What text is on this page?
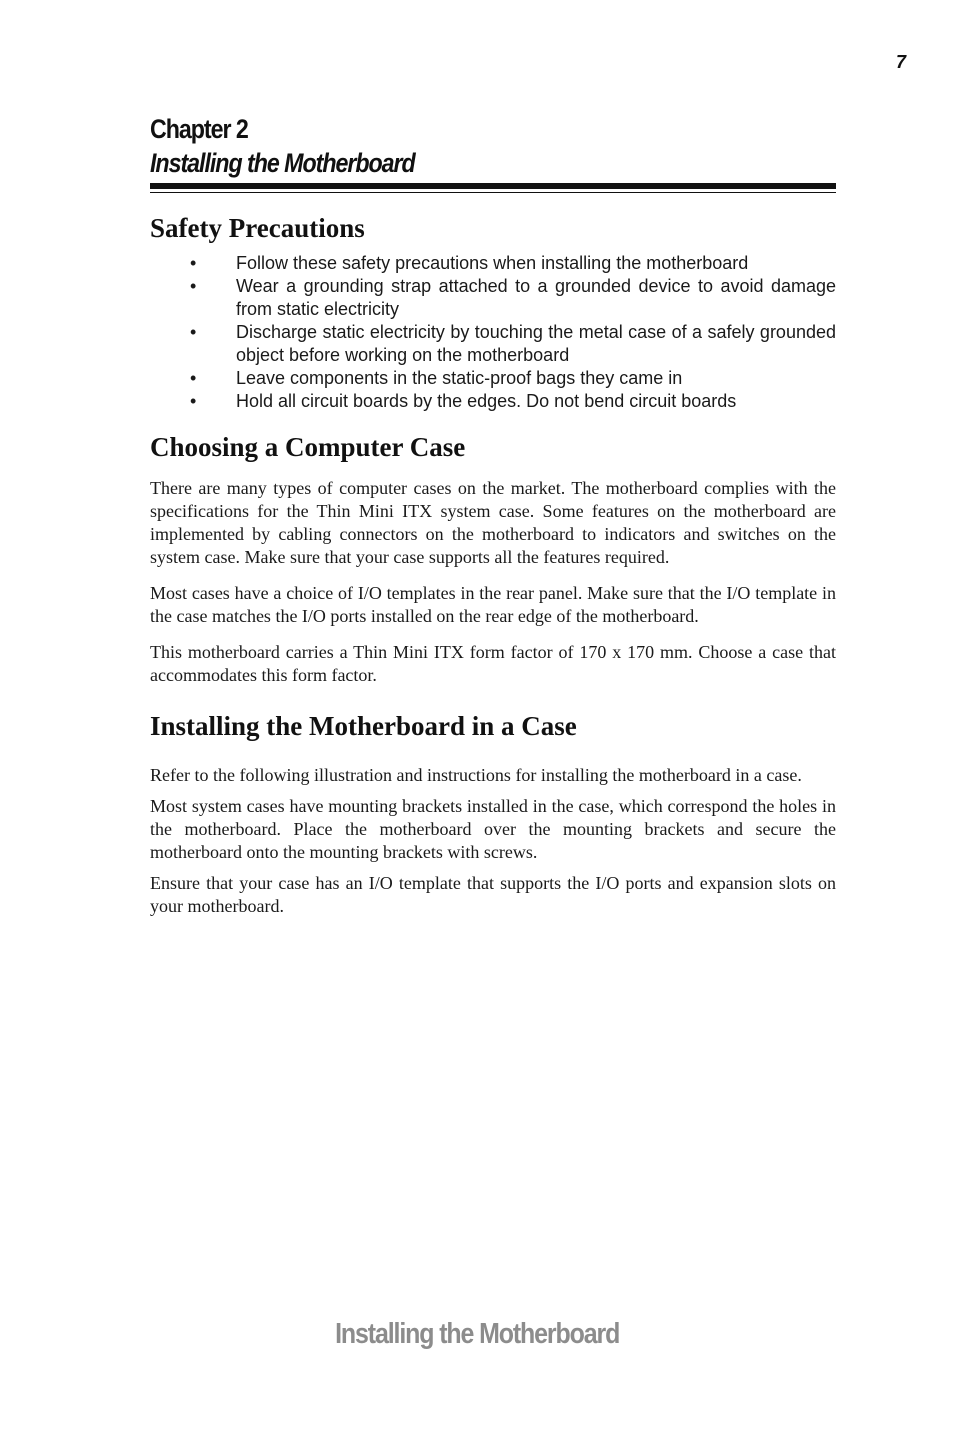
7
Chapter 2
Installing the Motherboard
Safety Precautions
• Follow these safety precautions when installing the motherboard
• Wear a grounding strap attached to a grounded device to avoid damage from static electricity
• Discharge static electricity by touching the metal case of a safely grounded object before working on the motherboard
• Leave components in the static-proof bags they came in
• Hold all circuit boards by the edges. Do not bend circuit boards
Choosing a Computer Case

There are many types of computer cases on the market. The motherboard complies with the specifications for the Thin Mini ITX system case. Some features on the motherboard are implemented by cabling connectors on the motherboard to indicators and switches on the system case. Make sure that your case supports all the features required.

Most cases have a choice of I/O templates in the rear panel. Make sure that the I/O template in the case matches the I/O ports installed on the rear edge of the motherboard.

This motherboard carries a Thin Mini ITX form factor of 170 x 170 mm. Choose a case that accommodates this form factor.

Installing the Motherboard in a Case

Refer to the following illustration and instructions for installing the motherboard in a case.

Most system cases have mounting brackets installed in the case, which correspond the holes in the motherboard. Place the motherboard over the mounting brackets and secure the motherboard onto the mounting brackets with screws.

Ensure that your case has an I/O template that supports the I/O ports and expansion slots on your motherboard.

Installing the Motherboard
